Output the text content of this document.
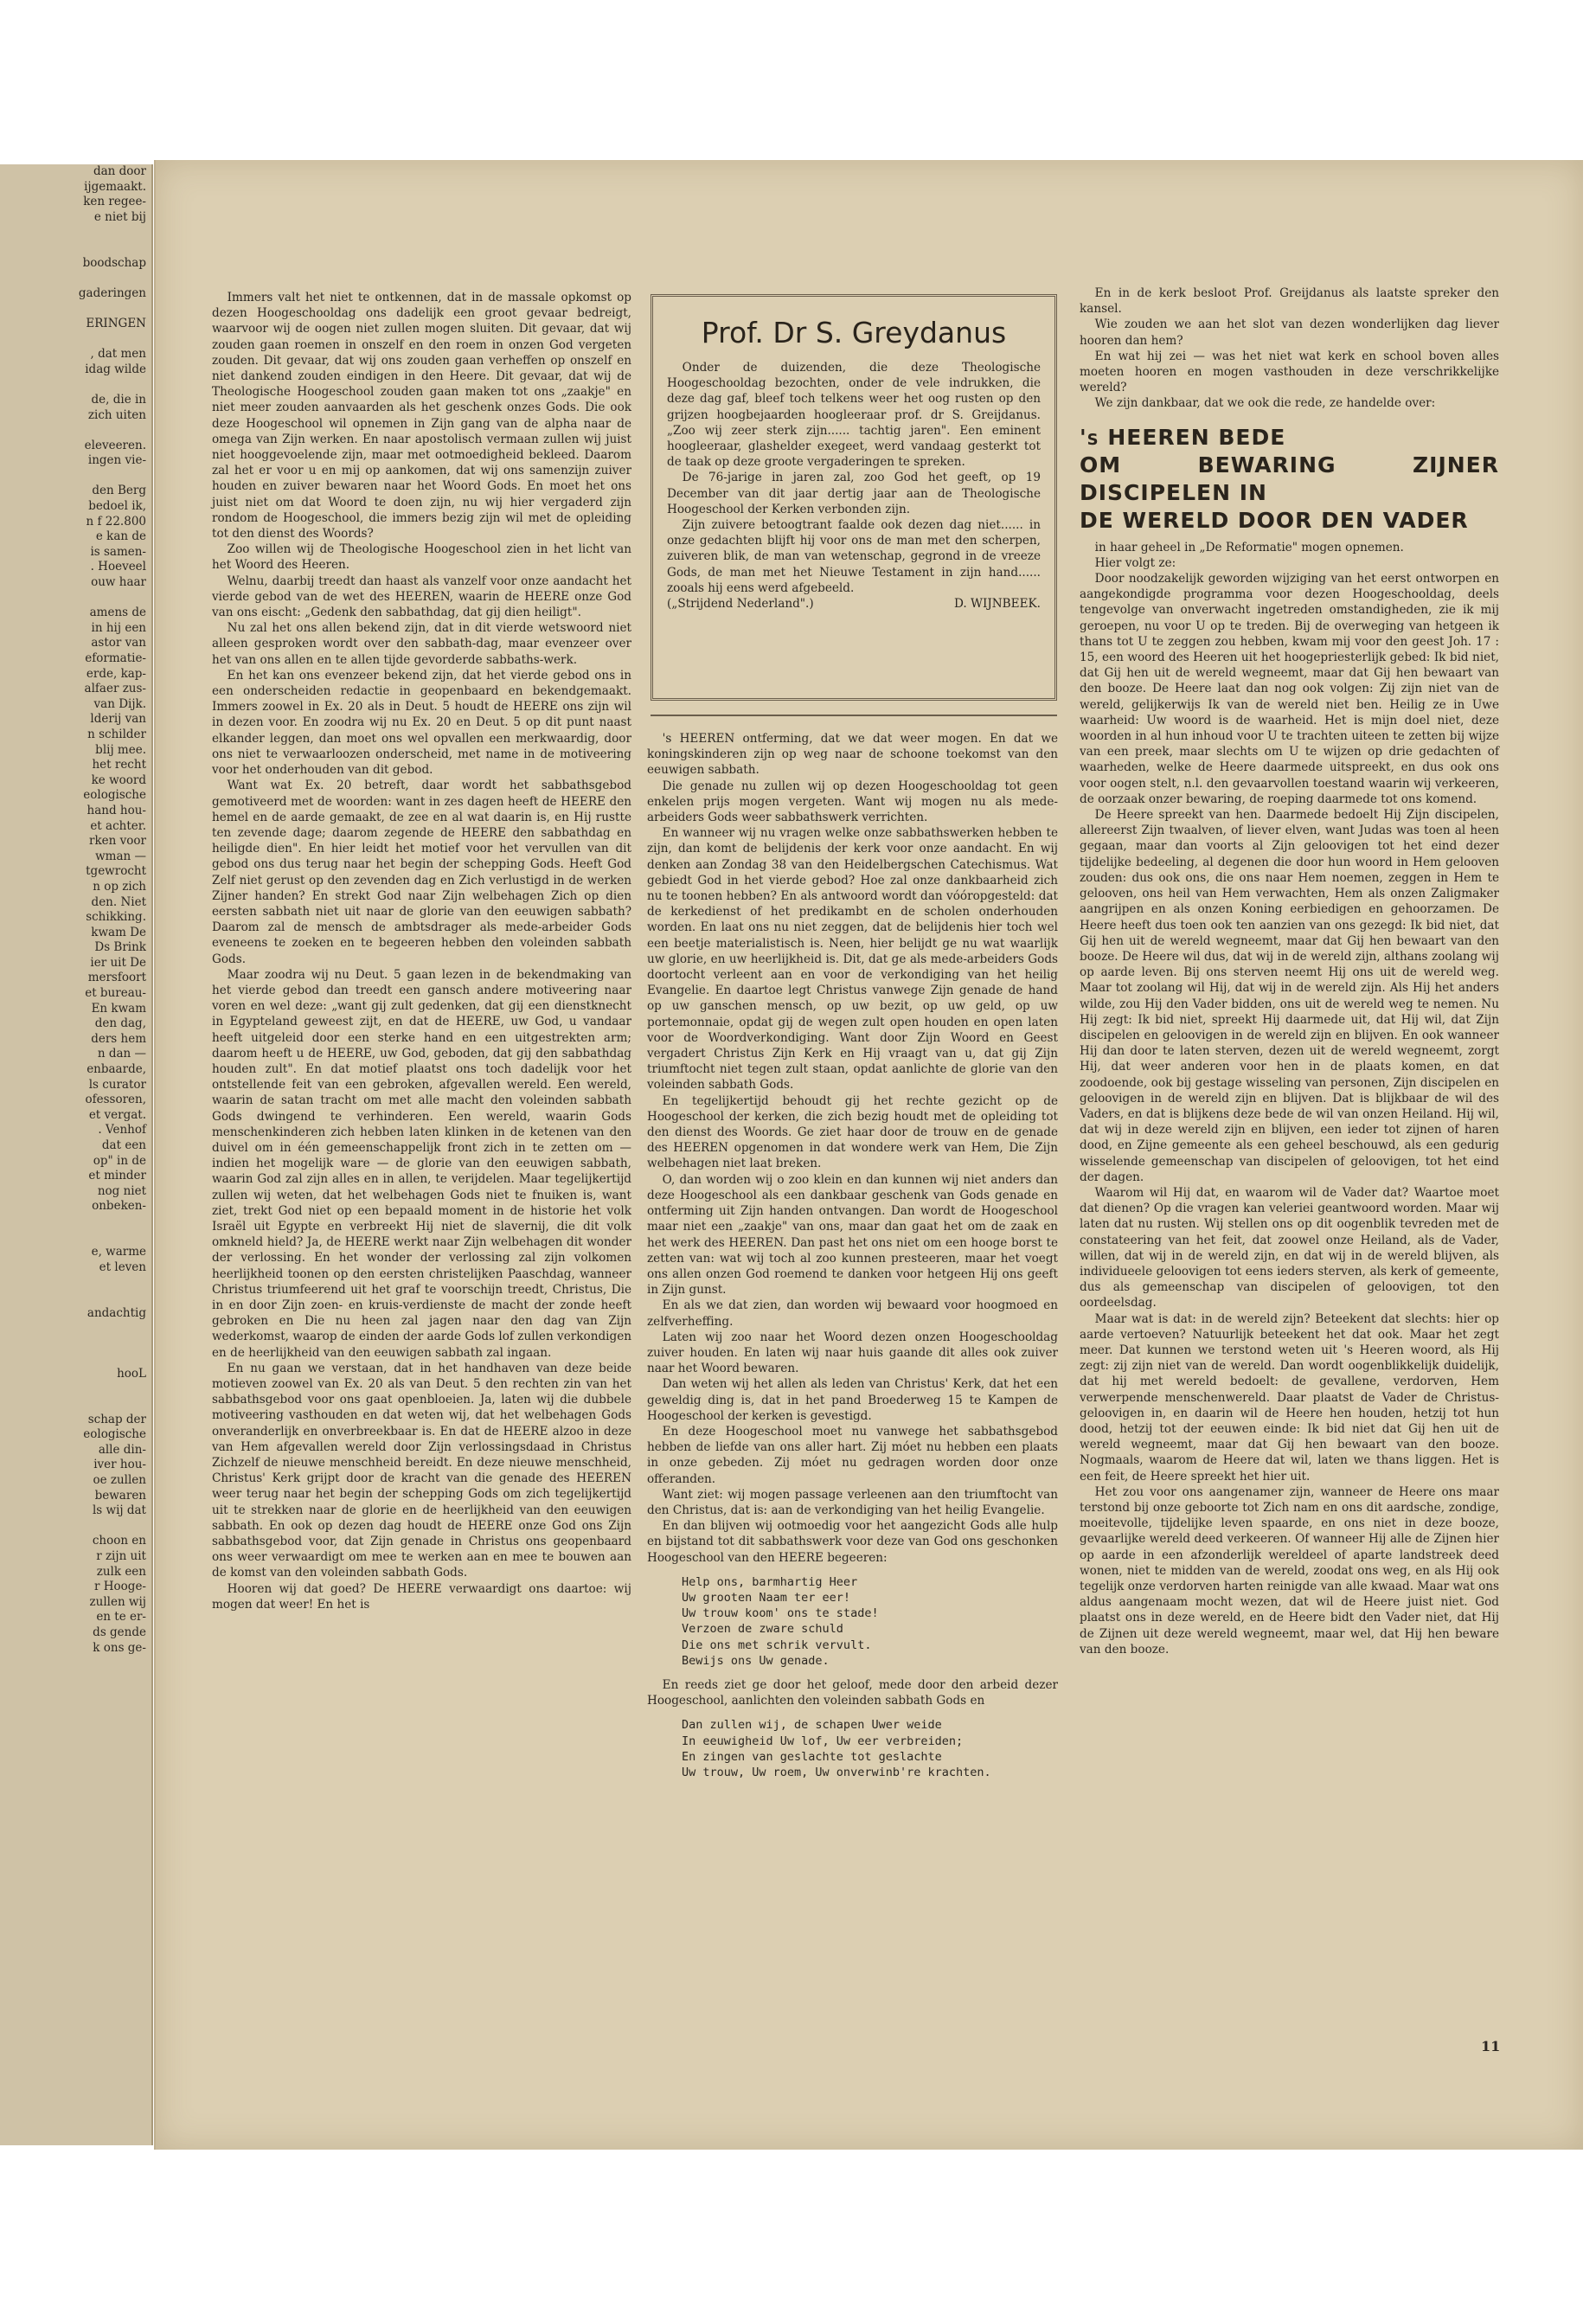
dan door
ijgemaakt.
ken regee-
e niet bij

boodschap

gaderingen

ERINGEN

, dat men
idag wilde

de, die in
zich uiten

eleveeren.
ingen vie-

den Berg
bedoel ik,
n f 22.800
e kan de
is samen-
. Hoeveel
ouw haar

amens de
in hij een
astor van
eformatie-
erde, kap-
alfaer zus-
van Dijk.
lderij van
n schilder
blij mee.
het recht
ke woord
eologische
hand hou-
et achter.
rken voor
wman —
tgewrocht
n op zich
den. Niet
schikking.
kwam De
Ds Brink
ier uit De
mersfoort
et bureau-
En kwam
den dag,
ders hem
n dan —
enbaarde,
ls curator
ofessoren,
et vergat.
. Venhof
dat een
op" in de
et minder
nog niet
onbeken-

e, warme
et leven

andachtig

hooL

schap der
eologische
alle din-
iver hou-
oe zullen
bewaren
ls wij dat

choon en
r zijn uit
zulk een
r Hooge-
zullen wij
en te er-
ds gende
k ons ge-

Immers valt het niet te ontkennen, dat in de massale opkomst op dezen Hoogeschooldag ons dadelijk een groot gevaar bedreigt, waarvoor wij de oogen niet zullen mogen sluiten. Dit gevaar, dat wij zouden gaan roemen in onszelf en den roem in onzen God vergeten zouden. Dit gevaar, dat wij ons zouden gaan verheffen op onszelf en niet dankend zouden eindigen in den Heere. Dit gevaar, dat wij de Theologische Hoogeschool zouden gaan maken tot ons „zaakje" en niet meer zouden aanvaarden als het geschenk onzes Gods. Die ook deze Hoogeschool wil opnemen in Zijn gang van de alpha naar de omega van Zijn werken. En naar apostolisch vermaan zullen wij juist niet hooggevoelende zijn, maar met ootmoedigheid bekleed. Daarom zal het er voor u en mij op aankomen, dat wij ons samenzijn zuiver houden en zuiver bewaren naar het Woord Gods. En moet het ons juist niet om dat Woord te doen zijn, nu wij hier vergaderd zijn rondom de Hoogeschool, die immers bezig zijn wil met de opleiding tot den dienst des Woords?

Zoo willen wij de Theologische Hoogeschool zien in het licht van het Woord des Heeren.

Welnu, daarbij treedt dan haast als vanzelf voor onze aandacht het vierde gebod van de wet des HEEREN, waarin de HEERE onze God van ons eischt: „Gedenk den sabbathdag, dat gij dien heiligt".

Nu zal het ons allen bekend zijn, dat in dit vierde wetswoord niet alleen gesproken wordt over den sabbath-dag, maar evenzeer over het van ons allen en te allen tijde gevorderde sabbaths-werk.

En het kan ons evenzeer bekend zijn, dat het vierde gebod ons in een onderscheiden redactie in geopenbaard en bekendgemaakt. Immers zoowel in Ex. 20 als in Deut. 5 houdt de HEERE ons zijn wil in dezen voor. En zoodra wij nu Ex. 20 en Deut. 5 op dit punt naast elkander leggen, dan moet ons wel opvallen een merkwaardig, door ons niet te verwaarloozen onderscheid, met name in de motiveering voor het onderhouden van dit gebod.

Want wat Ex. 20 betreft, daar wordt het sabbathsgebod gemotiveerd met de woorden: want in zes dagen heeft de HEERE den hemel en de aarde gemaakt, de zee en al wat daarin is, en Hij rustte ten zevende dage; daarom zegende de HEERE den sabbathdag en heiligde dien". En hier leidt het motief voor het vervullen van dit gebod ons dus terug naar het begin der schepping Gods. Heeft God Zelf niet gerust op den zevenden dag en Zich verlustigd in de werken Zijner handen? En strekt God naar Zijn welbehagen Zich op dien eersten sabbath niet uit naar de glorie van den eeuwigen sabbath? Daarom zal de mensch de ambtsdrager als mede-arbeider Gods eveneens te zoeken en te begeeren hebben den voleinden sabbath Gods.

Maar zoodra wij nu Deut. 5 gaan lezen in de bekendmaking van het vierde gebod dan treedt een gansch andere motiveering naar voren en wel deze: „want gij zult gedenken, dat gij een dienstknecht in Egypteland geweest zijt, en dat de HEERE, uw God, u vandaar heeft uitgeleid door een sterke hand en een uitgestrekten arm; daarom heeft u de HEERE, uw God, geboden, dat gij den sabbathdag houden zult". En dat motief plaatst ons toch dadelijk voor het ontstellende feit van een gebroken, afgevallen wereld. Een wereld, waarin de satan tracht om met alle macht den voleinden sabbath Gods dwingend te verhinderen. Een wereld, waarin Gods menschenkinderen zich hebben laten klinken in de ketenen van den duivel om in één gemeenschappelijk front zich in te zetten om — indien het mogelijk ware — de glorie van den eeuwigen sabbath, waarin God zal zijn alles en in allen, te verijdelen. Maar tegelijkertijd zullen wij weten, dat het welbehagen Gods niet te fnuiken is, want ziet, trekt God niet op een bepaald moment in de historie het volk Israël uit Egypte en verbreekt Hij niet de slavernij, die dit volk omkneld hield? Ja, de HEERE werkt naar Zijn welbehagen dit wonder der verlossing. En het wonder der verlossing zal zijn volkomen heerlijkheid toonen op den eersten christelijken Paaschdag, wanneer Christus triumfeerend uit het graf te voorschijn treedt, Christus, Die in en door Zijn zoen- en kruis-verdienste de macht der zonde heeft gebroken en Die nu heen zal jagen naar den dag van Zijn wederkomst, waarop de einden der aarde Gods lof zullen verkondigen en de heerlijkheid van den eeuwigen sabbath zal ingaan.

En nu gaan we verstaan, dat in het handhaven van deze beide motieven zoowel van Ex. 20 als van Deut. 5 den rechten zin van het sabbathsgebod voor ons gaat openbloeien. Ja, laten wij die dubbele motiveering vasthouden en dat weten wij, dat het welbehagen Gods onveranderlijk en onverbreekbaar is. En dat de HEERE alzoo in deze van Hem afgevallen wereld door Zijn verlossingsdaad in Christus Zichzelf de nieuwe menschheid bereidt. En deze nieuwe menschheid, Christus' Kerk grijpt door de kracht van die genade des HEEREN weer terug naar het begin der schepping Gods om zich tegelijkertijd uit te strekken naar de glorie en de heerlijkheid van den eeuwigen sabbath. En ook op dezen dag houdt de HEERE onze God ons Zijn sabbathsgebod voor, dat Zijn genade in Christus ons geopenbaard ons weer verwaardigt om mee te werken aan en mee te bouwen aan de komst van den voleinden sabbath Gods.

Hooren wij dat goed? De HEERE verwaardigt ons daartoe: wij mogen dat weer! En het is

Prof. Dr S. Greydanus

Onder de duizenden, die deze Theologische Hoogeschooldag bezochten, onder de vele indrukken, die deze dag gaf, bleef toch telkens weer het oog rusten op den grijzen hoogbejaarden hoogleeraar prof. dr S. Greijdanus. „Zoo wij zeer sterk zijn...... tachtig jaren". Een eminent hoogleeraar, glashelder exegeet, werd vandaag gesterkt tot de taak op deze groote vergaderingen te spreken.

De 76-jarige in jaren zal, zoo God het geeft, op 19 December van dit jaar dertig jaar aan de Theologische Hoogeschool der Kerken verbonden zijn.

Zijn zuivere betoogtrant faalde ook dezen dag niet...... in onze gedachten blijft hij voor ons de man met den scherpen, zuiveren blik, de man van wetenschap, gegrond in de vreeze Gods, de man met het Nieuwe Testament in zijn hand...... zooals hij eens werd afgebeeld.

(„Strijdend Nederland".)	D. WIJNBEEK.

's HEEREN ontferming, dat we dat weer mogen. En dat we koningskinderen zijn op weg naar de schoone toekomst van den eeuwigen sabbath.

Die genade nu zullen wij op dezen Hoogeschooldag tot geen enkelen prijs mogen vergeten. Want wij mogen nu als mede-arbeiders Gods weer sabbathswerk verrichten.

En wanneer wij nu vragen welke onze sabbathswerken hebben te zijn, dan komt de belijdenis der kerk voor onze aandacht. En wij denken aan Zondag 38 van den Heidelbergschen Catechismus. Wat gebiedt God in het vierde gebod? Hoe zal onze dankbaarheid zich nu te toonen hebben? En als antwoord wordt dan vóóropgesteld: dat de kerkedienst of het predikambt en de scholen onderhouden worden. En laat ons nu niet zeggen, dat de belijdenis hier toch wel een beetje materialistisch is. Neen, hier belijdt ge nu wat waarlijk uw glorie, en uw heerlijkheid is. Dit, dat ge als mede-arbeiders Gods doortocht verleent aan en voor de verkondiging van het heilig Evangelie. En daartoe legt Christus vanwege Zijn genade de hand op uw ganschen mensch, op uw bezit, op uw geld, op uw portemonnaie, opdat gij de wegen zult open houden en open laten voor de Woordverkondiging. Want door Zijn Woord en Geest vergadert Christus Zijn Kerk en Hij vraagt van u, dat gij Zijn triumftocht niet tegen zult staan, opdat aanlichte de glorie van den voleinden sabbath Gods.

En tegelijkertijd behoudt gij het rechte gezicht op de Hoogeschool der kerken, die zich bezig houdt met de opleiding tot den dienst des Woords. Ge ziet haar door de trouw en de genade des HEEREN opgenomen in dat wondere werk van Hem, Die Zijn welbehagen niet laat breken.

O, dan worden wij o zoo klein en dan kunnen wij niet anders dan deze Hoogeschool als een dankbaar geschenk van Gods genade en ontferming uit Zijn handen ontvangen. Dan wordt de Hoogeschool maar niet een „zaakje" van ons, maar dan gaat het om de zaak en het werk des HEEREN. Dan past het ons niet om een hooge borst te zetten van: wat wij toch al zoo kunnen presteeren, maar het voegt ons allen onzen God roemend te danken voor hetgeen Hij ons geeft in Zijn gunst.

En als we dat zien, dan worden wij bewaard voor hoogmoed en zelfverheffing.

Laten wij zoo naar het Woord dezen onzen Hoogeschooldag zuiver houden. En laten wij naar huis gaande dit alles ook zuiver naar het Woord bewaren.

Dan weten wij het allen als leden van Christus' Kerk, dat het een geweldig ding is, dat in het pand Broederweg 15 te Kampen de Hoogeschool der kerken is gevestigd.

En deze Hoogeschool moet nu vanwege het sabbathsgebod hebben de liefde van ons aller hart. Zij móet nu hebben een plaats in onze gebeden. Zij móet nu gedragen worden door onze offeranden.

Want ziet: wij mogen passage verleenen aan den triumftocht van den Christus, dat is: aan de verkondiging van het heilig Evangelie.

En dan blijven wij ootmoedig voor het aangezicht Gods alle hulp en bijstand tot dit sabbathswerk voor deze van God ons geschonken Hoogeschool van den HEERE begeeren:

Help ons, barmhartig Heer
Uw grooten Naam ter eer!
Uw trouw koom' ons te stade!
Verzoen de zware schuld
Die ons met schrik vervult.
Bewijs ons Uw genade.

En reeds ziet ge door het geloof, mede door den arbeid dezer Hoogeschool, aanlichten den voleinden sabbath Gods en

Dan zullen wij, de schapen Uwer weide
In eeuwigheid Uw lof, Uw eer verbreiden;
En zingen van geslachte tot geslachte
Uw trouw, Uw roem, Uw onverwinb're krachten.

En in de kerk besloot Prof. Greijdanus als laatste spreker den kansel.

Wie zouden we aan het slot van dezen wonderlijken dag liever hooren dan hem?

En wat hij zei — was het niet wat kerk en school boven alles moeten hooren en mogen vasthouden in deze verschrikkelijke wereld?

We zijn dankbaar, dat we ook die rede, ze handelde over:

's HEEREN BEDE
OM BEWARING ZIJNER DISCIPELEN IN
DE WERELD DOOR DEN VADER

in haar geheel in „De Reformatie" mogen opnemen.

Hier volgt ze:

Door noodzakelijk geworden wijziging van het eerst ontworpen en aangekondigde programma voor dezen Hoogeschooldag, deels tengevolge van onverwacht ingetreden omstandigheden, zie ik mij geroepen, nu voor U op te treden. Bij de overweging van hetgeen ik thans tot U te zeggen zou hebben, kwam mij voor den geest Joh. 17 : 15, een woord des Heeren uit het hoogepriesterlijk gebed: Ik bid niet, dat Gij hen uit de wereld wegneemt, maar dat Gij hen bewaart van den booze. De Heere laat dan nog ook volgen: Zij zijn niet van de wereld, gelijkerwijs Ik van de wereld niet ben. Heilig ze in Uwe waarheid: Uw woord is de waarheid. Het is mijn doel niet, deze woorden in al hun inhoud voor U te trachten uiteen te zetten bij wijze van een preek, maar slechts om U te wijzen op drie gedachten of waarheden, welke de Heere daarmede uitspreekt, en dus ook ons voor oogen stelt, n.l. den gevaarvollen toestand waarin wij verkeeren, de oorzaak onzer bewaring, de roeping daarmede tot ons komend.

De Heere spreekt van hen. Daarmede bedoelt Hij Zijn discipelen, allereerst Zijn twaalven, of liever elven, want Judas was toen al heen gegaan, maar dan voorts al Zijn geloovigen tot het eind dezer tijdelijke bedeeling, al degenen die door hun woord in Hem gelooven zouden: dus ook ons, die ons naar Hem noemen, zeggen in Hem te gelooven, ons heil van Hem verwachten, Hem als onzen Zaligmaker aangrijpen en als onzen Koning eerbiedigen en gehoorzamen. De Heere heeft dus toen ook ten aanzien van ons gezegd: Ik bid niet, dat Gij hen uit de wereld wegneemt, maar dat Gij hen bewaart van den booze. De Heere wil dus, dat wij in de wereld zijn, althans zoolang wij op aarde leven. Bij ons sterven neemt Hij ons uit de wereld weg. Maar tot zoolang wil Hij, dat wij in de wereld zijn. Als Hij het anders wilde, zou Hij den Vader bidden, ons uit de wereld weg te nemen. Nu Hij zegt: Ik bid niet, spreekt Hij daarmede uit, dat Hij wil, dat Zijn discipelen en geloovigen in de wereld zijn en blijven. En ook wanneer Hij dan door te laten sterven, dezen uit de wereld wegneemt, zorgt Hij, dat weer anderen voor hen in de plaats komen, en dat zoodoende, ook bij gestage wisseling van personen, Zijn discipelen en geloovigen in de wereld zijn en blijven. Dat is blijkbaar de wil des Vaders, en dat is blijkens deze bede de wil van onzen Heiland. Hij wil, dat wij in deze wereld zijn en blijven, een ieder tot zijnen of haren dood, en Zijne gemeente als een geheel beschouwd, als een gedurig wisselende gemeenschap van discipelen of geloovigen, tot het eind der dagen.

Waarom wil Hij dat, en waarom wil de Vader dat? Waartoe moet dat dienen? Op die vragen kan veleriei geantwoord worden. Maar wij laten dat nu rusten. Wij stellen ons op dit oogenblik tevreden met de constateering van het feit, dat zoowel onze Heiland, als de Vader, willen, dat wij in de wereld zijn, en dat wij in de wereld blijven, als individueele geloovigen tot eens ieders sterven, als kerk of gemeente, dus als gemeenschap van discipelen of geloovigen, tot den oordeelsdag.

Maar wat is dat: in de wereld zijn? Beteekent dat slechts: hier op aarde vertoeven? Natuurlijk beteekent het dat ook. Maar het zegt meer. Dat kunnen we terstond weten uit 's Heeren woord, als Hij zegt: zij zijn niet van de wereld. Dan wordt oogenblikkelijk duidelijk, dat hij met wereld bedoelt: de gevallene, verdorven, Hem verwerpende menschenwereld. Daar plaatst de Vader de Christus-geloovigen in, en daarin wil de Heere hen houden, hetzij tot hun dood, hetzij tot der eeuwen einde: Ik bid niet dat Gij hen uit de wereld wegneemt, maar dat Gij hen bewaart van den booze. Nogmaals, waarom de Heere dat wil, laten we thans liggen. Het is een feit, de Heere spreekt het hier uit.

Het zou voor ons aangenamer zijn, wanneer de Heere ons maar terstond bij onze geboorte tot Zich nam en ons dit aardsche, zondige, moeitevolle, tijdelijke leven spaarde, en ons niet in deze booze, gevaarlijke wereld deed verkeeren. Of wanneer Hij alle de Zijnen hier op aarde in een afzonderlijk wereldeel of aparte landstreek deed wonen, niet te midden van de wereld, zoodat ons weg, en als Hij ook tegelijk onze verdorven harten reinigde van alle kwaad. Maar wat ons aldus aangenaam mocht wezen, dat wil de Heere juist niet. God plaatst ons in deze wereld, en de Heere bidt den Vader niet, dat Hij de Zijnen uit deze wereld wegneemt, maar wel, dat Hij hen beware van den booze.

11
